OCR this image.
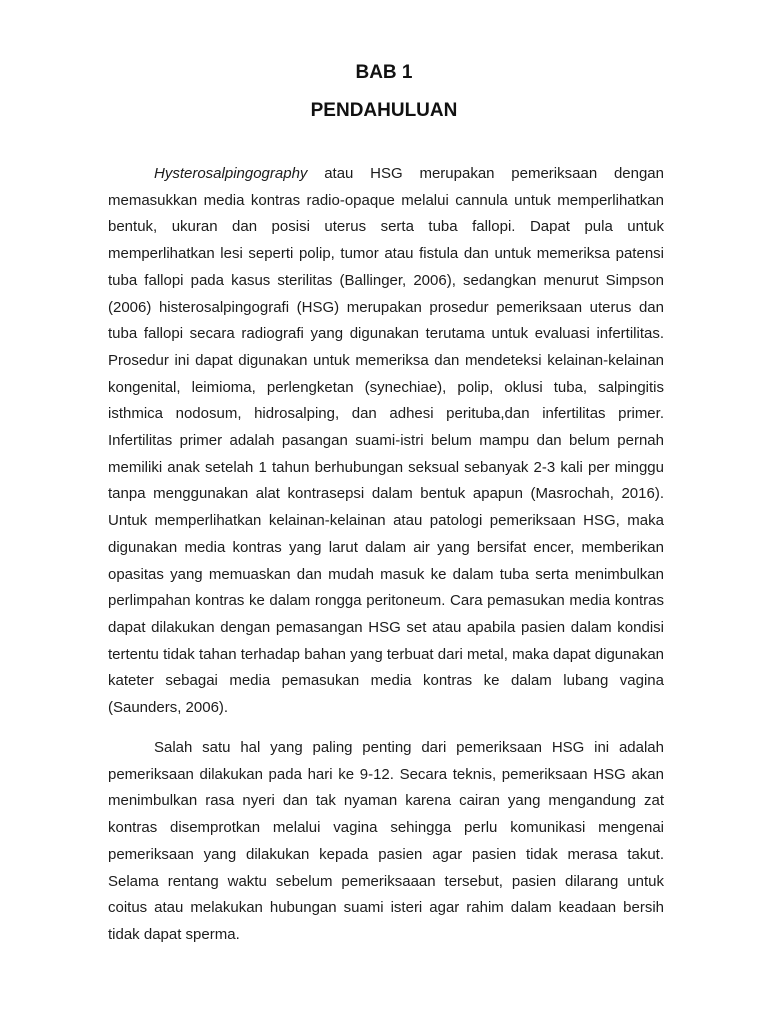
BAB 1
PENDAHULUAN

Hysterosalpingography atau HSG merupakan pemeriksaan dengan memasukkan media kontras radio-opaque melalui cannula untuk memperlihatkan bentuk, ukuran dan posisi uterus serta tuba fallopi. Dapat pula untuk memperlihatkan lesi seperti polip, tumor atau fistula dan untuk memeriksa patensi tuba fallopi pada kasus sterilitas (Ballinger, 2006), sedangkan menurut Simpson (2006) histerosalpingografi (HSG) merupakan prosedur pemeriksaan uterus dan tuba fallopi secara radiografi yang digunakan terutama untuk evaluasi infertilitas. Prosedur ini dapat digunakan untuk memeriksa dan mendeteksi kelainan-kelainan kongenital, leimioma, perlengketan (synechiae), polip, oklusi tuba, salpingitis isthmica nodosum, hidrosalping, dan adhesi perituba,dan infertilitas primer. Infertilitas primer adalah pasangan suami-istri belum mampu dan belum pernah memiliki anak setelah 1 tahun berhubungan seksual sebanyak 2-3 kali per minggu tanpa menggunakan alat kontrasepsi dalam bentuk apapun (Masrochah, 2016). Untuk memperlihatkan kelainan-kelainan atau patologi pemeriksaan HSG, maka digunakan media kontras yang larut dalam air yang bersifat encer, memberikan opasitas yang memuaskan dan mudah masuk ke dalam tuba serta menimbulkan perlimpahan kontras ke dalam rongga peritoneum. Cara pemasukan media kontras dapat dilakukan dengan pemasangan HSG set atau apabila pasien dalam kondisi tertentu tidak tahan terhadap bahan yang terbuat dari metal, maka dapat digunakan kateter sebagai media pemasukan media kontras ke dalam lubang vagina (Saunders, 2006).

Salah satu hal yang paling penting dari pemeriksaan HSG ini adalah pemeriksaan dilakukan pada hari ke 9-12. Secara teknis, pemeriksaan HSG akan menimbulkan rasa nyeri dan tak nyaman karena cairan yang mengandung zat kontras disemprotkan melalui vagina sehingga perlu komunikasi mengenai pemeriksaan yang dilakukan kepada pasien agar pasien tidak merasa takut. Selama rentang waktu sebelum pemeriksaaan tersebut, pasien dilarang untuk coitus atau melakukan hubungan suami isteri agar rahim dalam keadaan bersih tidak dapat sperma.
